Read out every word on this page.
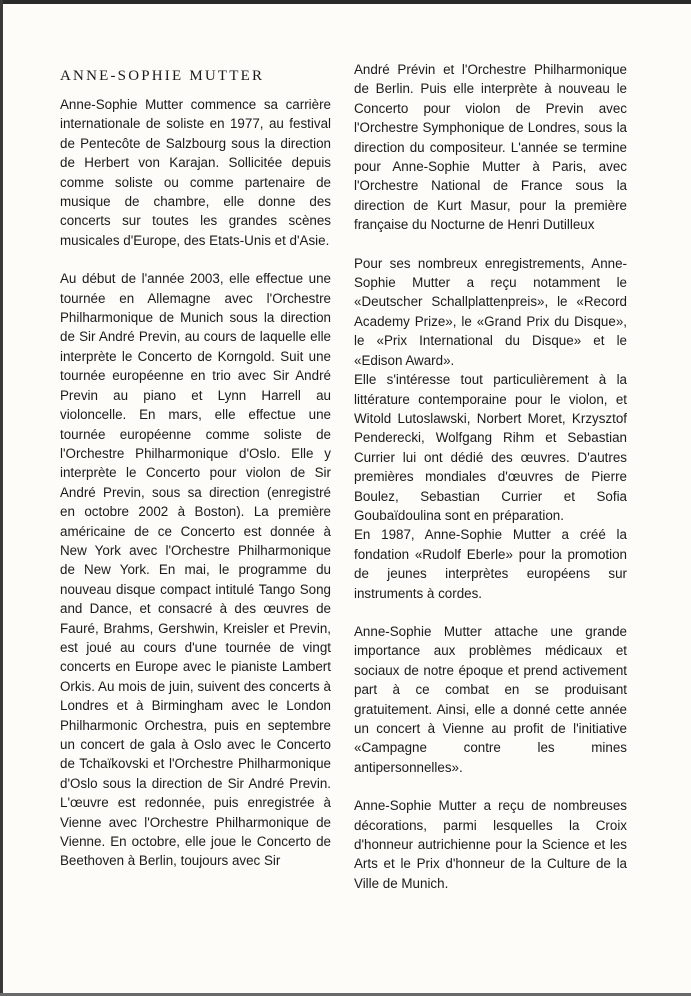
ANNE-SOPHIE MUTTER

Anne-Sophie Mutter commence sa carrière internationale de soliste en 1977, au festival de Pentecôte de Salzbourg sous la direction de Herbert von Karajan. Sollicitée depuis comme soliste ou comme partenaire de musique de chambre, elle donne des concerts sur toutes les grandes scènes musicales d'Europe, des Etats-Unis et d'Asie.

Au début de l'année 2003, elle effectue une tournée en Allemagne avec l'Orchestre Philharmonique de Munich sous la direction de Sir André Previn, au cours de laquelle elle interprète le Concerto de Korngold. Suit une tournée européenne en trio avec Sir André Previn au piano et Lynn Harrell au violoncelle. En mars, elle effectue une tournée européenne comme soliste de l'Orchestre Philharmonique d'Oslo. Elle y interprète le Concerto pour violon de Sir André Previn, sous sa direction (enregistré en octobre 2002 à Boston). La première américaine de ce Concerto est donnée à New York avec l'Orchestre Philharmonique de New York. En mai, le programme du nouveau disque compact intitulé Tango Song and Dance, et consacré à des œuvres de Fauré, Brahms, Gershwin, Kreisler et Previn, est joué au cours d'une tournée de vingt concerts en Europe avec le pianiste Lambert Orkis. Au mois de juin, suivent des concerts à Londres et à Birmingham avec le London Philharmonic Orchestra, puis en septembre un concert de gala à Oslo avec le Concerto de Tchaïkovski et l'Orchestre Philharmonique d'Oslo sous la direction de Sir André Previn. L'œuvre est redonnée, puis enregistrée à Vienne avec l'Orchestre Philharmonique de Vienne. En octobre, elle joue le Concerto de Beethoven à Berlin, toujours avec Sir

André Prévin et l'Orchestre Philharmonique de Berlin. Puis elle interprète à nouveau le Concerto pour violon de Previn avec l'Orchestre Symphonique de Londres, sous la direction du compositeur. L'année se termine pour Anne-Sophie Mutter à Paris, avec l'Orchestre National de France sous la direction de Kurt Masur, pour la première française du Nocturne de Henri Dutilleux

Pour ses nombreux enregistrements, Anne-Sophie Mutter a reçu notamment le «Deutscher Schallplattenpreis», le «Record Academy Prize», le «Grand Prix du Disque», le «Prix International du Disque» et le «Edison Award».

Elle s'intéresse tout particulièrement à la littérature contemporaine pour le violon, et Witold Lutoslawski, Norbert Moret, Krzysztof Penderecki, Wolfgang Rihm et Sebastian Currier lui ont dédié des œuvres. D'autres premières mondiales d'œuvres de Pierre Boulez, Sebastian Currier et Sofia Goubaïdoulina sont en préparation.

En 1987, Anne-Sophie Mutter a créé la fondation «Rudolf Eberle» pour la promotion de jeunes interprètes européens sur instruments à cordes.

Anne-Sophie Mutter attache une grande importance aux problèmes médicaux et sociaux de notre époque et prend activement part à ce combat en se produisant gratuitement. Ainsi, elle a donné cette année un concert à Vienne au profit de l'initiative «Campagne contre les mines antipersonnelles».

Anne-Sophie Mutter a reçu de nombreuses décorations, parmi lesquelles la Croix d'honneur autrichienne pour la Science et les Arts et le Prix d'honneur de la Culture de la Ville de Munich.
